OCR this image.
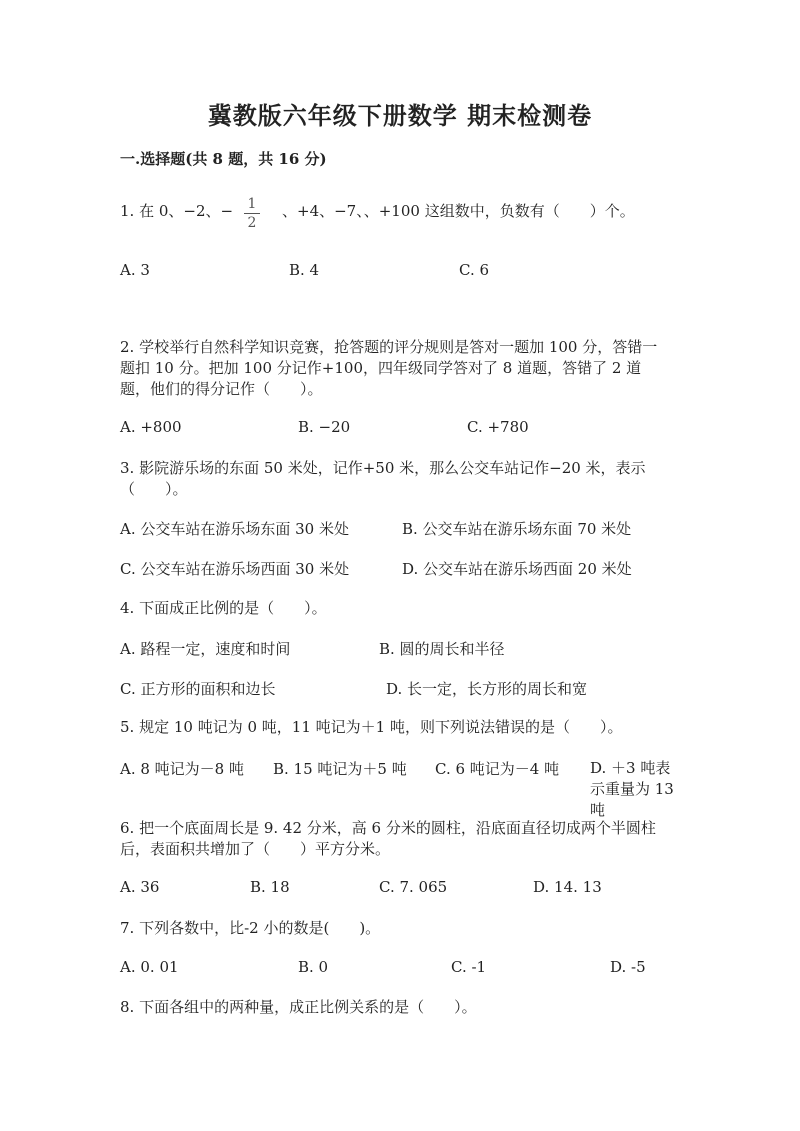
冀教版六年级下册数学 期末检测卷
一.选择题(共 8 题，共 16 分)
1. 在 0、−2、− 1
2
、+4、−7、、+100 这组数中，负数有（　　）个。
A. 3	B. 4	C. 6
2. 学校举行自然科学知识竞赛，抢答题的评分规则是答对一题加 100 分，答错一题扣 10 分。把加 100 分记作+100，四年级同学答对了 8 道题，答错了 2 道题，他们的得分记作（　　）。
A. +800	B. −20	C. +780
3. 影院游乐场的东面 50 米处，记作+50 米，那么公交车站记作−20 米，表示（　　）。
A. 公交车站在游乐场东面 30 米处	B. 公交车站在游乐场东面 70 米处
C. 公交车站在游乐场西面 30 米处	D. 公交车站在游乐场西面 20 米处
4. 下面成正比例的是（　　）。
A. 路程一定，速度和时间	B. 圆的周长和半径
C. 正方形的面积和边长	D. 长一定，长方形的周长和宽
5. 规定 10 吨记为 0 吨，11 吨记为＋1 吨，则下列说法错误的是（　　）。
A. 8 吨记为－8 吨 B. 15 吨记为＋5 吨 C. 6 吨记为－4 吨 D. ＋3 吨表示重量为 13 吨
6. 把一个底面周长是 9. 42 分米，高 6 分米的圆柱，沿底面直径切成两个半圆柱后，表面积共增加了（　　）平方分米。
A. 36	B. 18	C. 7. 065	D. 14. 13
7. 下列各数中，比-2 小的数是(　　)。
A. 0. 01	B. 0	C. -1	D. -5
8. 下面各组中的两种量，成正比例关系的是（　　）。
